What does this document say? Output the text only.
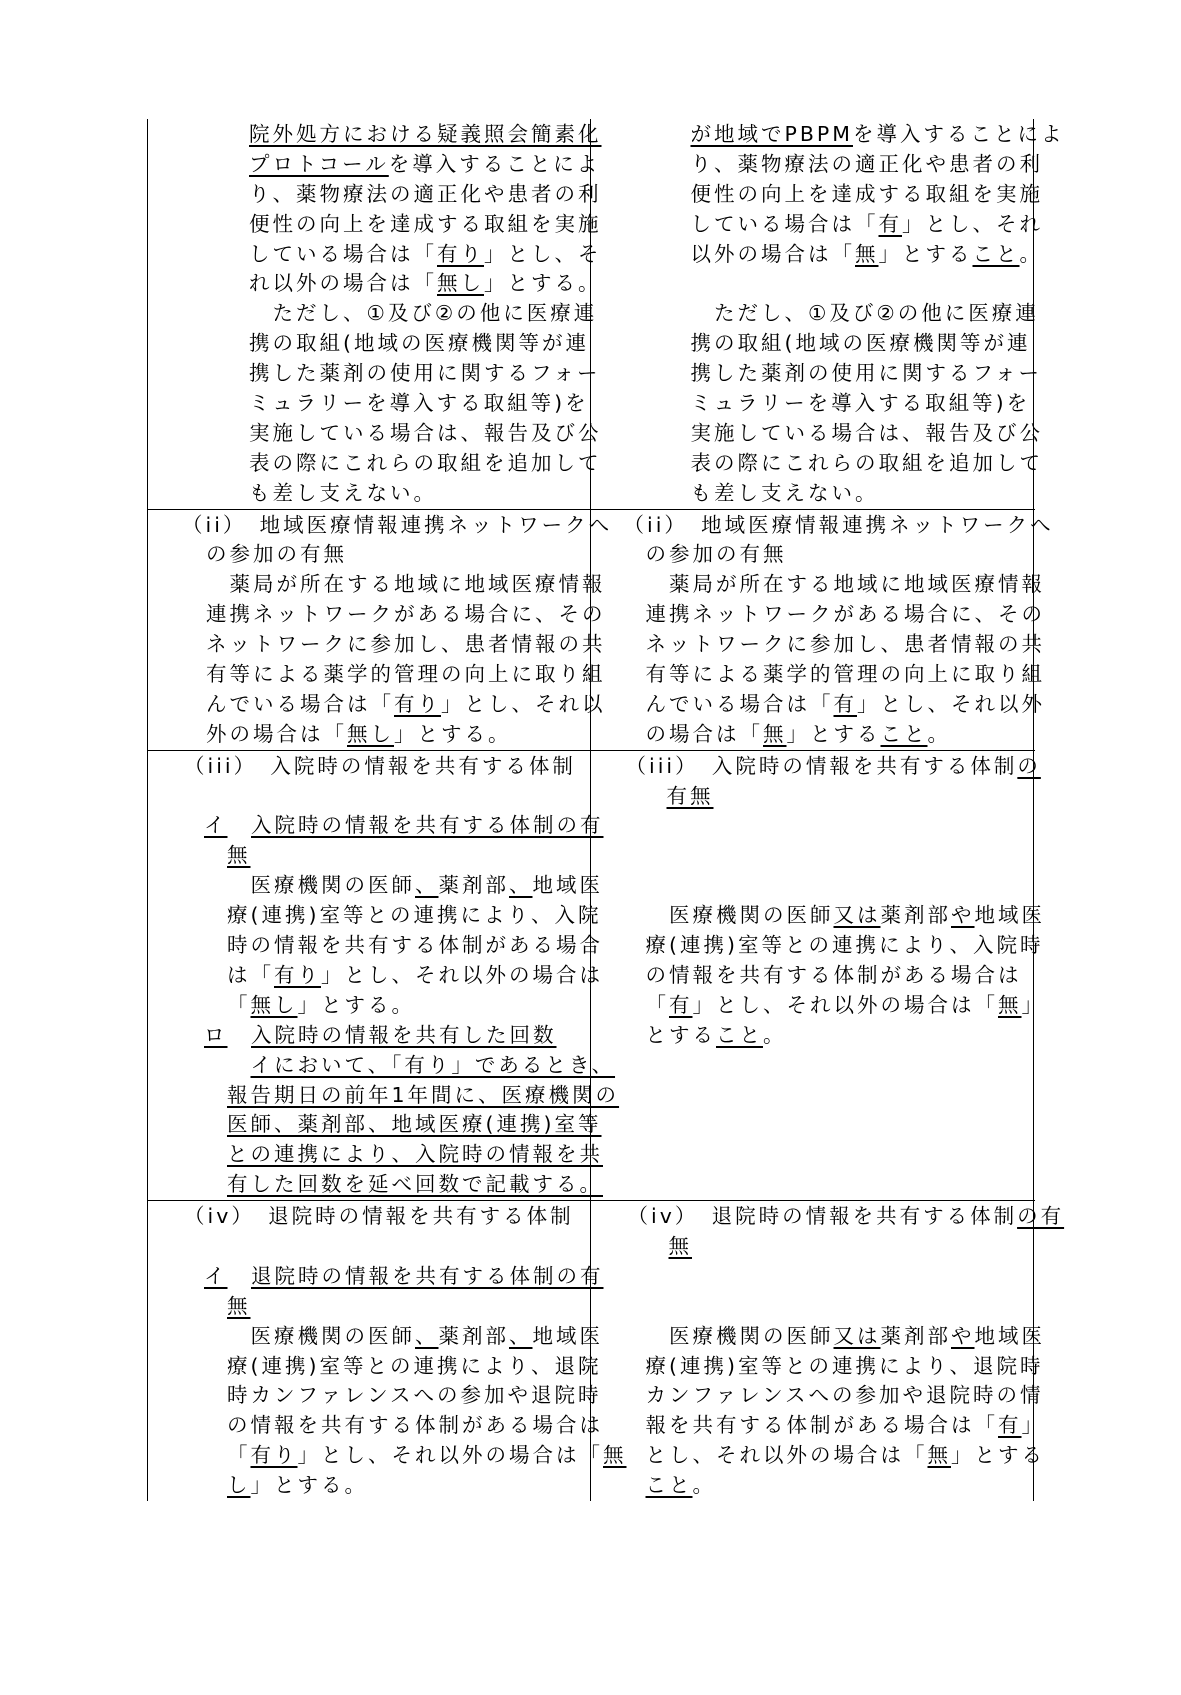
院外処方における疑義照会簡素化
プロトコールを導入することによ
り、薬物療法の適正化や患者の利
便性の向上を達成する取組を実施
している場合は「有り」とし、そ
れ以外の場合は「無し」とする。
　ただし、①及び②の他に医療連
携の取組(地域の医療機関等が連
携した薬剤の使用に関するフォー
ミュラリーを導入する取組等)を
実施している場合は、報告及び公
表の際にこれらの取組を追加して
も差し支えない。
が地域でPBPMを導入することによ
り、薬物療法の適正化や患者の利
便性の向上を達成する取組を実施
している場合は「有」とし、それ
以外の場合は「無」とすること。
　ただし、①及び②の他に医療連
携の取組(地域の医療機関等が連
携した薬剤の使用に関するフォー
ミュラリーを導入する取組等)を
実施している場合は、報告及び公
表の際にこれらの取組を追加して
も差し支えない。
（ii）　地域医療情報連携ネットワークへ
の参加の有無
　薬局が所在する地域に地域医療情報
連携ネットワークがある場合に、その
ネットワークに参加し、患者情報の共
有等による薬学的管理の向上に取り組
んでいる場合は「有り」とし、それ以
外の場合は「無し」とする。
（ii）　地域医療情報連携ネットワークへ
の参加の有無
　薬局が所在する地域に地域医療情報
連携ネットワークがある場合に、その
ネットワークに参加し、患者情報の共
有等による薬学的管理の向上に取り組
んでいる場合は「有」とし、それ以外
の場合は「無」とすること。
（iii）　入院時の情報を共有する体制
イ　 入院時の情報を共有する体制の有
無
　医療機関の医師、薬剤部、地域医
療(連携)室等との連携により、入院
時の情報を共有する体制がある場合
は「有り」とし、それ以外の場合は
「無し」とする。
ロ　 入院時の情報を共有した回数
　イにおいて、「有り」であるとき、
報告期日の前年1年間に、医療機関の
医師、薬剤部、地域医療(連携)室等
との連携により、入院時の情報を共
有した回数を延べ回数で記載する。
（iii）　入院時の情報を共有する体制の
有無
　医療機関の医師又は薬剤部や地域医
療(連携)室等との連携により、入院時
の情報を共有する体制がある場合は
「有」とし、それ以外の場合は「無」
とすること。
（iv）　退院時の情報を共有する体制
イ　 退院時の情報を共有する体制の有
無
　医療機関の医師、薬剤部、地域医
療(連携)室等との連携により、退院
時カンファレンスへの参加や退院時
の情報を共有する体制がある場合は
「有り」とし、それ以外の場合は「無
し」とする。
（iv）　退院時の情報を共有する体制の有
無
　医療機関の医師又は薬剤部や地域医
療(連携)室等との連携により、退院時
カンファレンスへの参加や退院時の情
報を共有する体制がある場合は「有」
とし、それ以外の場合は「無」とする
こと。
